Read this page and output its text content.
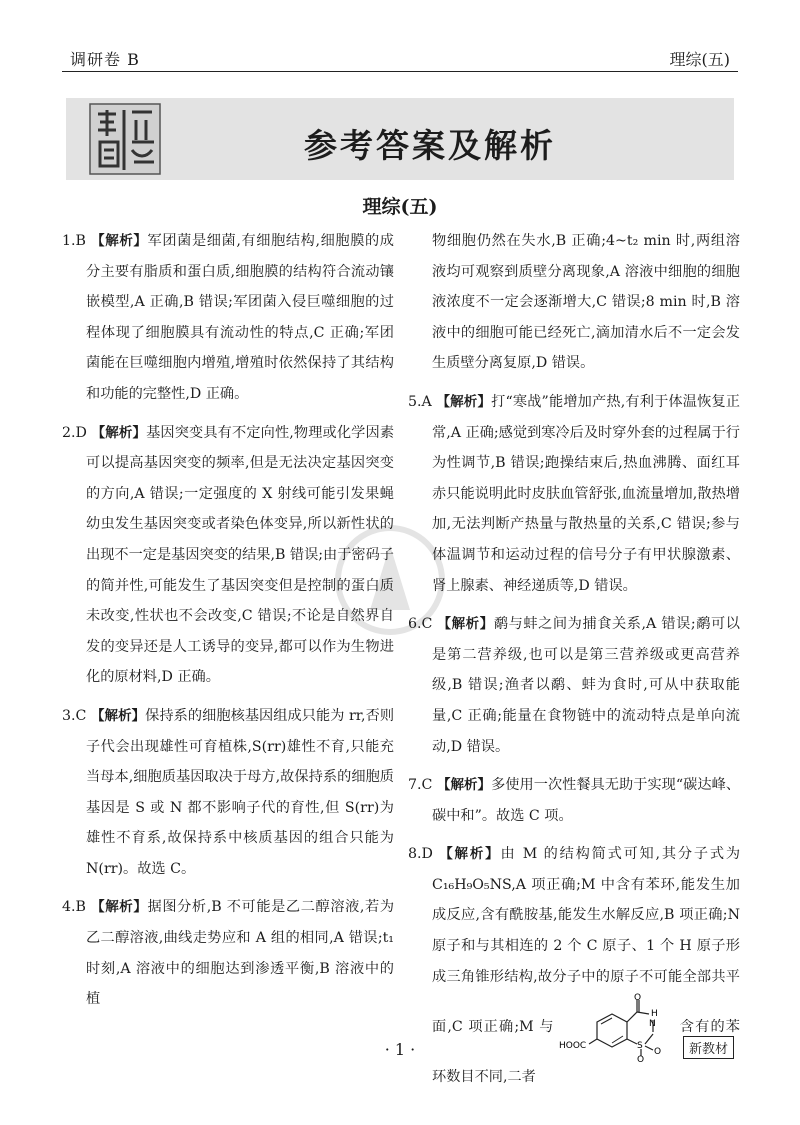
调研卷 B	理综(五)
参考答案及解析
理综(五)

1.B 【解析】军团菌是细菌,有细胞结构,细胞膜的成分主要有脂质和蛋白质,细胞膜的结构符合流动镶嵌模型,A 正确,B 错误;军团菌入侵巨噬细胞的过程体现了细胞膜具有流动性的特点,C 正确;军团菌能在巨噬细胞内增殖,增殖时依然保持了其结构和功能的完整性,D 正确。

2.D 【解析】基因突变具有不定向性,物理或化学因素可以提高基因突变的频率,但是无法决定基因突变的方向,A 错误;一定强度的 X 射线可能引发果蝇幼虫发生基因突变或者染色体变异,所以新性状的出现不一定是基因突变的结果,B 错误;由于密码子的简并性,可能发生了基因突变但是控制的蛋白质未改变,性状也不会改变,C 错误;不论是自然界自发的变异还是人工诱导的变异,都可以作为生物进化的原材料,D 正确。

3.C 【解析】保持系的细胞核基因组成只能为 rr,否则子代会出现雄性可育植株,S(rr)雄性不育,只能充当母本,细胞质基因取决于母方,故保持系的细胞质基因是 S 或 N 都不影响子代的育性,但 S(rr)为雄性不育系,故保持系中核质基因的组合只能为 N(rr)。故选 C。

4.B 【解析】据图分析,B 不可能是乙二醇溶液,若为乙二醇溶液,曲线走势应和 A 组的相同,A 错误;t₁ 时刻,A 溶液中的细胞达到渗透平衡,B 溶液中的植

物细胞仍然在失水,B 正确;4~t₂ min 时,两组溶液均可观察到质壁分离现象,A 溶液中细胞的细胞液浓度不一定会逐渐增大,C 错误;8 min 时,B 溶液中的细胞可能已经死亡,滴加清水后不一定会发生质壁分离复原,D 错误。

5.A 【解析】打“寒战”能增加产热,有利于体温恢复正常,A 正确;感觉到寒冷后及时穿外套的过程属于行为性调节,B 错误;跑操结束后,热血沸腾、面红耳赤只能说明此时皮肤血管舒张,血流量增加,散热增加,无法判断产热量与散热量的关系,C 错误;参与体温调节和运动过程的信号分子有甲状腺激素、肾上腺素、神经递质等,D 错误。

6.C 【解析】鹬与蚌之间为捕食关系,A 错误;鹬可以是第二营养级,也可以是第三营养级或更高营养级,B 错误;渔者以鹬、蚌为食时,可从中获取能量,C 正确;能量在食物链中的流动特点是单向流动,D 错误。

7.C 【解析】多使用一次性餐具无助于实现“碳达峰、碳中和”。故选 C 项。

8.D 【解析】由 M 的结构简式可知,其分子式为 C₁₆H₉O₅NS,A 项正确;M 中含有苯环,能发生加成反应,含有酰胺基,能发生水解反应,B 项正确;N 原子和与其相连的 2 个 C 原子、1 个 H 原子形成三角锥形结构,故分子中的原子不可能全部共平面,C 项正确;M 与
O
H
N
HOOC	S
O
O
含有的苯环数目不同,二者

· 1 ·	新教材
